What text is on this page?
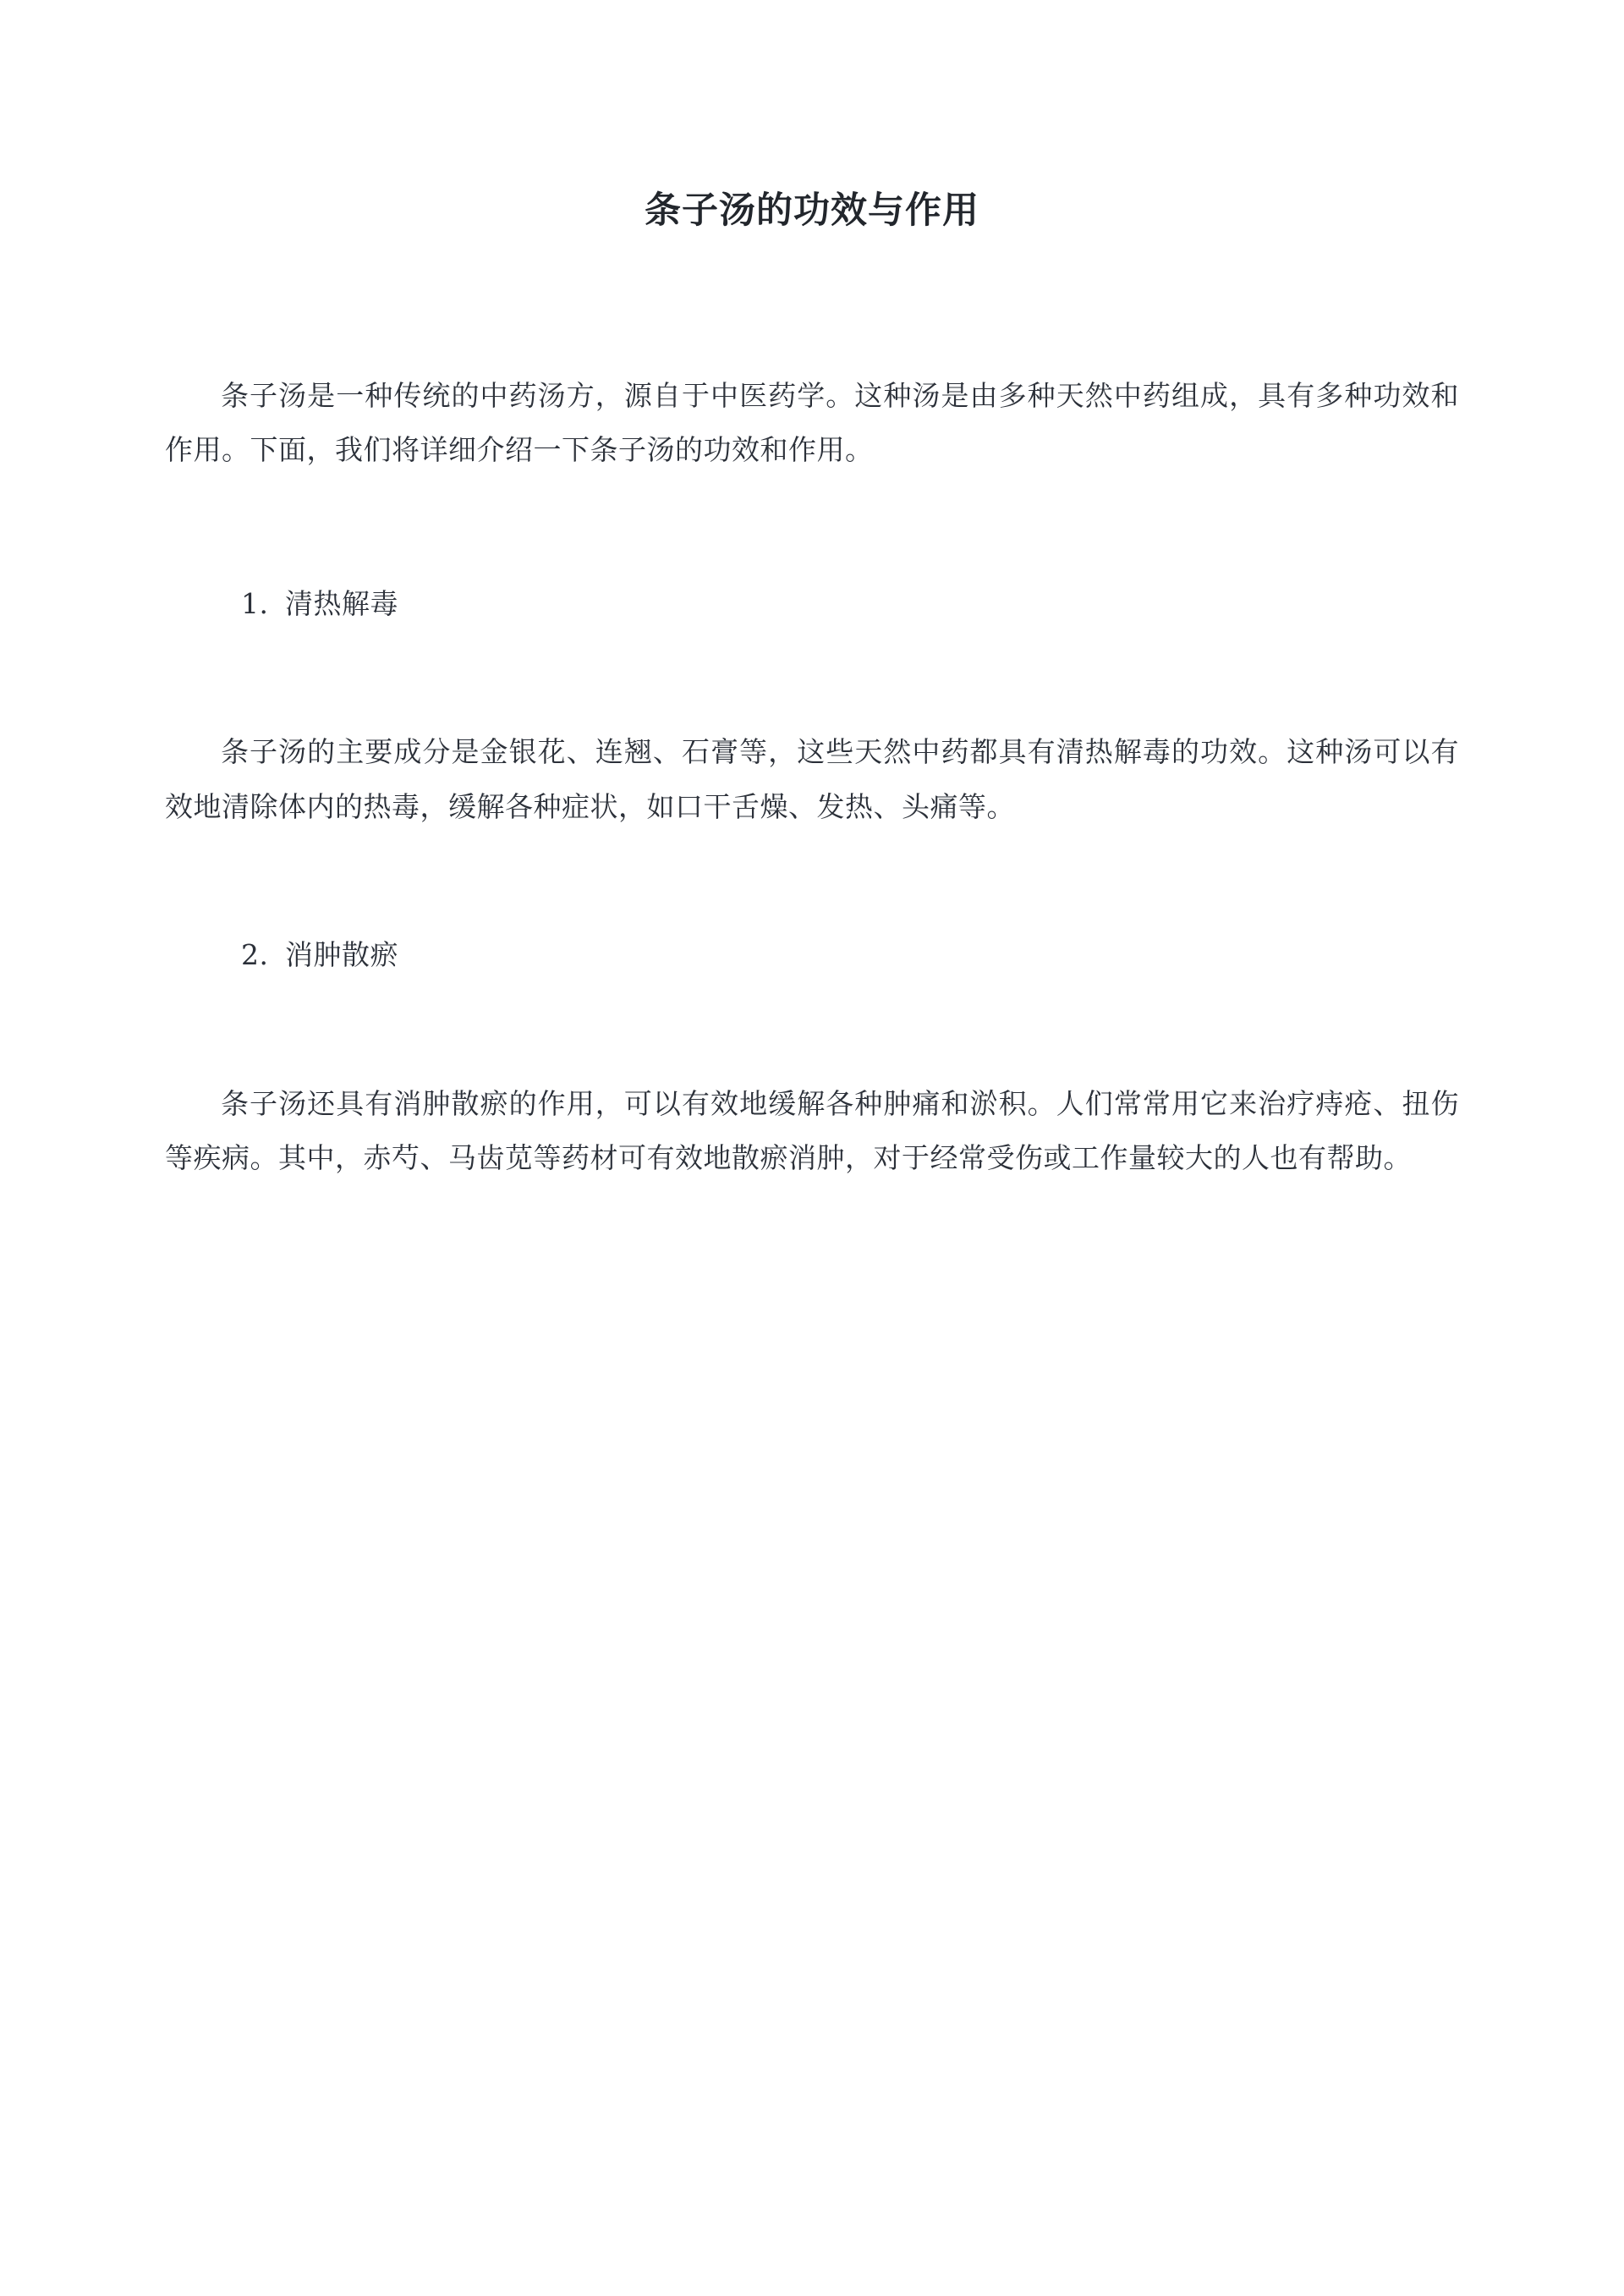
条子汤的功效与作用

条子汤是一种传统的中药汤方，源自于中医药学。这种汤是由多种天然中药组成，具有多种功效和作用。下面，我们将详细介绍一下条子汤的功效和作用。

1. 清热解毒

条子汤的主要成分是金银花、连翘、石膏等，这些天然中药都具有清热解毒的功效。这种汤可以有效地清除体内的热毒，缓解各种症状，如口干舌燥、发热、头痛等。

2. 消肿散瘀

条子汤还具有消肿散瘀的作用，可以有效地缓解各种肿痛和淤积。人们常常用它来治疗痔疮、扭伤等疾病。其中，赤芍、马齿苋等药材可有效地散瘀消肿，对于经常受伤或工作量较大的人也有帮助。
